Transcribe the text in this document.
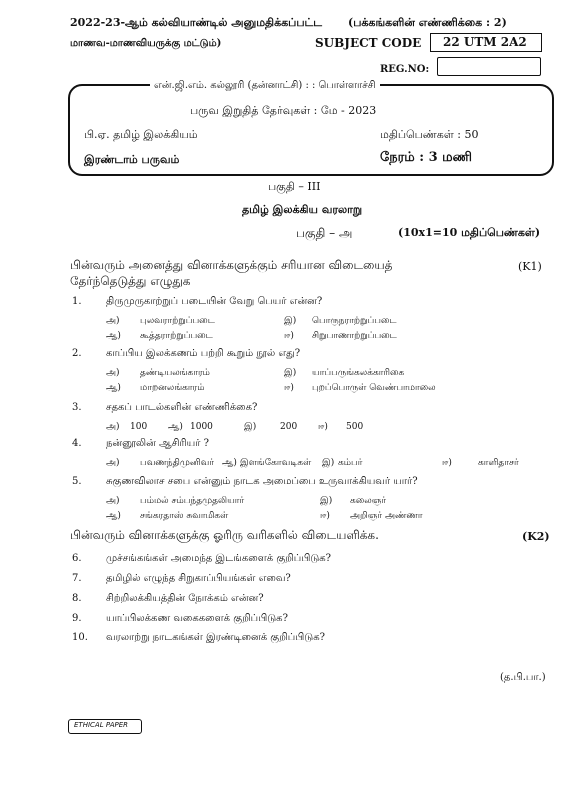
2022-23-ஆம் கல்வியாண்டில் அனுமதிக்கப்பட்ட (பக்கங்களின் எண்ணிக்கை : 2)
மாணவ-மாணவியருக்கு மட்டும்)	SUBJECT CODE 22 UTM 2A2
REG.NO:
என்.ஜி.எம். கல்லூரி (தன்னாட்சி) : : பொள்ளாச்சி
பருவ இறுதித் தேர்வுகள் : மே - 2023
பி.ஏ. தமிழ் இலக்கியம்	மதிப்பெண்கள் : 50
இரண்டாம் பருவம்	நேரம் : 3 மணி
பகுதி – III
தமிழ் இலக்கிய வரலாறு
பகுதி – அ	(10x1=10 மதிப்பெண்கள்)
பின்வரும் அனைத்து வினாக்களுக்கும் சரியான விடையைத்
தேர்ந்தெடுத்து எழுதுக
(K1)
1. திருமுருகாற்றுப் படையின் வேறு பெயர் என்ன?
அ) புலவராற்றுப்படை	இ) பொருநராற்றுப்படை
ஆ) கூத்தராற்றுப்படை	ஈ) சிறுபாணாற்றுப்படை
2. காப்பிய இலக்கணம் பற்றி கூறும் நூல் எது?
அ) தண்டியலங்காரம்	இ) யாப்பருங்கலக்காரிகை
ஆ) மாறனலங்காரம்	ஈ) புறப்பொருள் வெண்பாமாலை
3. சதகப் பாடல்களின் எண்ணிக்கை?
அ) 100 ஆ) 1000	இ)	200 ஈ) 500
4. நன்னூலின் ஆசிரியர் ?
அ) பவணந்திமுனிவர் ஆ) இளங்கோவடிகள் இ) கம்பர்	ஈ)	காளிதாசர்
5. சுகுணவிலாச சபை என்னும் நாடக அமைப்பை உருவாக்கியவர் யார்?
அ) பம்மல் சம்பந்தமுதலியார்	இ) கலைஞர்
ஆ) சங்கரதாஸ் சுவாமிகள்	ஈ) அறிஞர் அண்ணா
பின்வரும் வினாக்களுக்கு ஓரிரு வரிகளில் விடையளிக்க.	(K2)
6. முச்சங்கங்கள் அமைந்த இடங்களைக் குறிப்பிடுக?
7. தமிழில் எழுந்த சிறுகாப்பியங்கள் எவை?
8. சிற்றிலக்கியத்தின் நோக்கம் என்ன?
9. யாப்பிலக்கண வகைகளைக் குறிப்பிடுக?
10. வரலாற்று நாடகங்கள் இரண்டினைக் குறிப்பிடுக?
(த.பி.பா.)
ETHICAL PAPER
